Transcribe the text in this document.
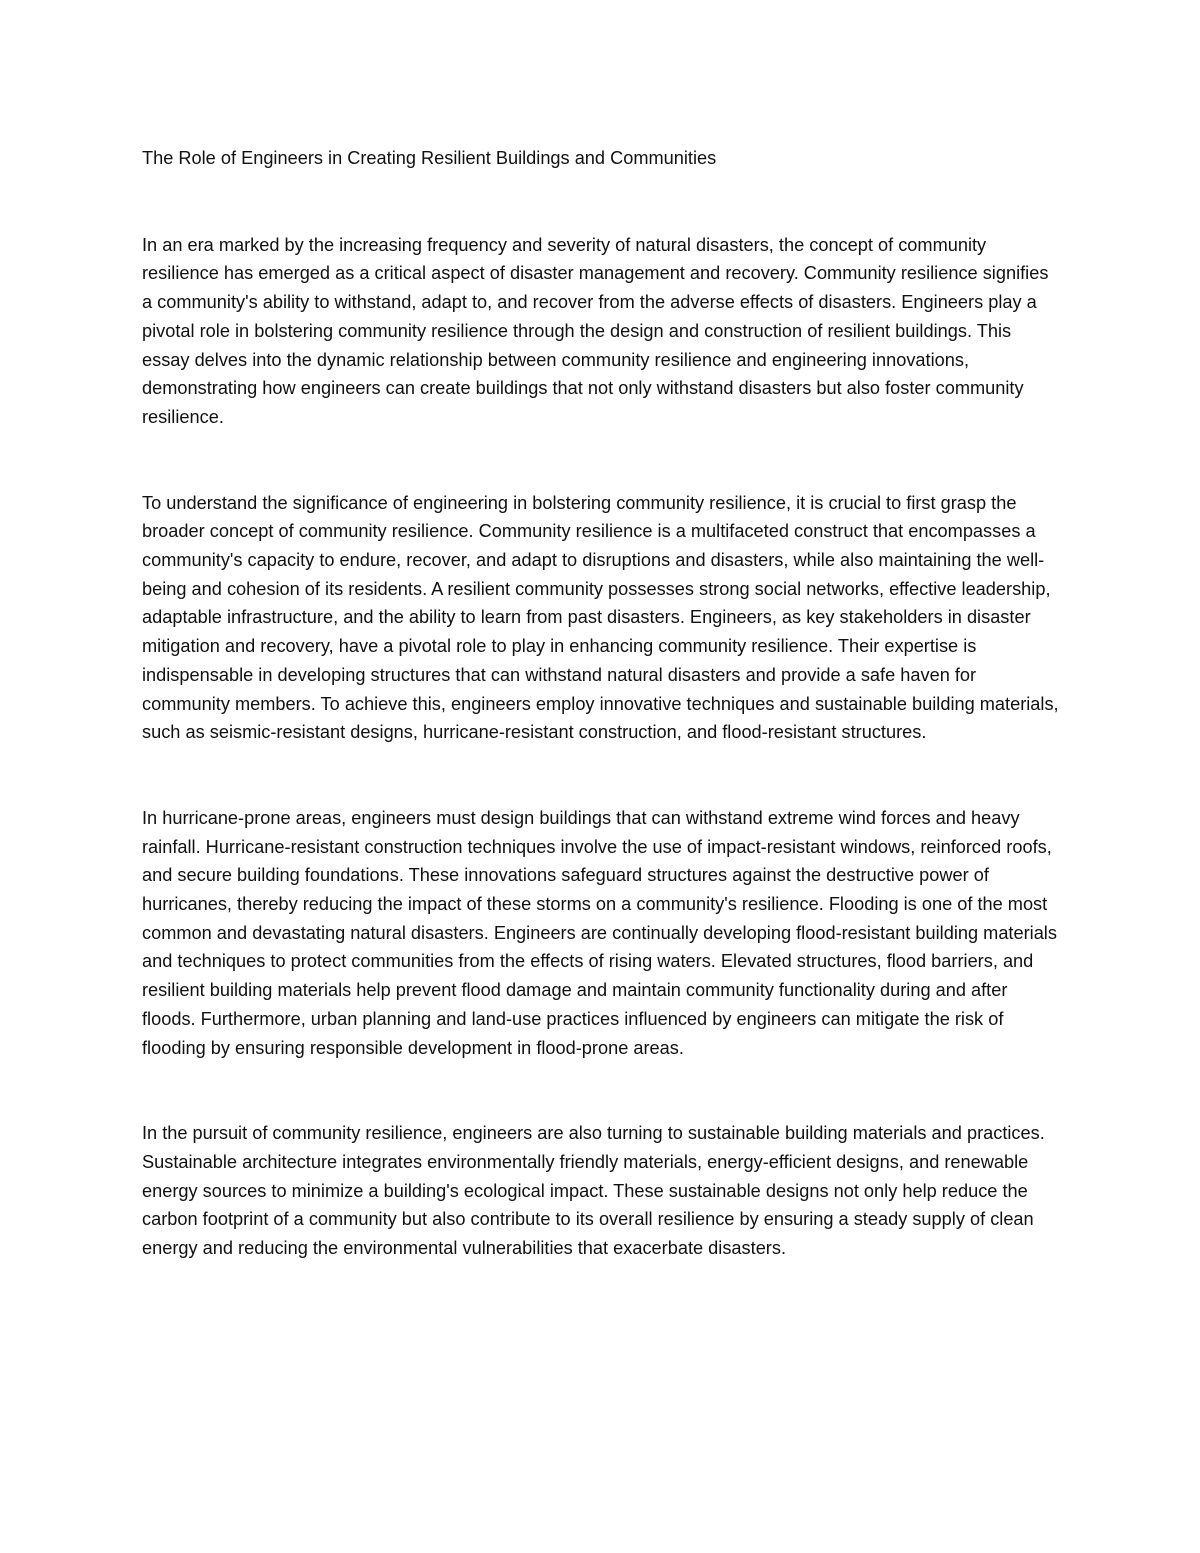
The Role of Engineers in Creating Resilient Buildings and Communities

In an era marked by the increasing frequency and severity of natural disasters, the concept of community resilience has emerged as a critical aspect of disaster management and recovery. Community resilience signifies a community's ability to withstand, adapt to, and recover from the adverse effects of disasters. Engineers play a pivotal role in bolstering community resilience through the design and construction of resilient buildings. This essay delves into the dynamic relationship between community resilience and engineering innovations, demonstrating how engineers can create buildings that not only withstand disasters but also foster community resilience.

To understand the significance of engineering in bolstering community resilience, it is crucial to first grasp the broader concept of community resilience. Community resilience is a multifaceted construct that encompasses a community's capacity to endure, recover, and adapt to disruptions and disasters, while also maintaining the well-being and cohesion of its residents. A resilient community possesses strong social networks, effective leadership, adaptable infrastructure, and the ability to learn from past disasters. Engineers, as key stakeholders in disaster mitigation and recovery, have a pivotal role to play in enhancing community resilience. Their expertise is indispensable in developing structures that can withstand natural disasters and provide a safe haven for community members. To achieve this, engineers employ innovative techniques and sustainable building materials, such as seismic-resistant designs, hurricane-resistant construction, and flood-resistant structures.

In hurricane-prone areas, engineers must design buildings that can withstand extreme wind forces and heavy rainfall. Hurricane-resistant construction techniques involve the use of impact-resistant windows, reinforced roofs, and secure building foundations. These innovations safeguard structures against the destructive power of hurricanes, thereby reducing the impact of these storms on a community's resilience. Flooding is one of the most common and devastating natural disasters. Engineers are continually developing flood-resistant building materials and techniques to protect communities from the effects of rising waters. Elevated structures, flood barriers, and resilient building materials help prevent flood damage and maintain community functionality during and after floods. Furthermore, urban planning and land-use practices influenced by engineers can mitigate the risk of flooding by ensuring responsible development in flood-prone areas.

In the pursuit of community resilience, engineers are also turning to sustainable building materials and practices. Sustainable architecture integrates environmentally friendly materials, energy-efficient designs, and renewable energy sources to minimize a building's ecological impact. These sustainable designs not only help reduce the carbon footprint of a community but also contribute to its overall resilience by ensuring a steady supply of clean energy and reducing the environmental vulnerabilities that exacerbate disasters.
